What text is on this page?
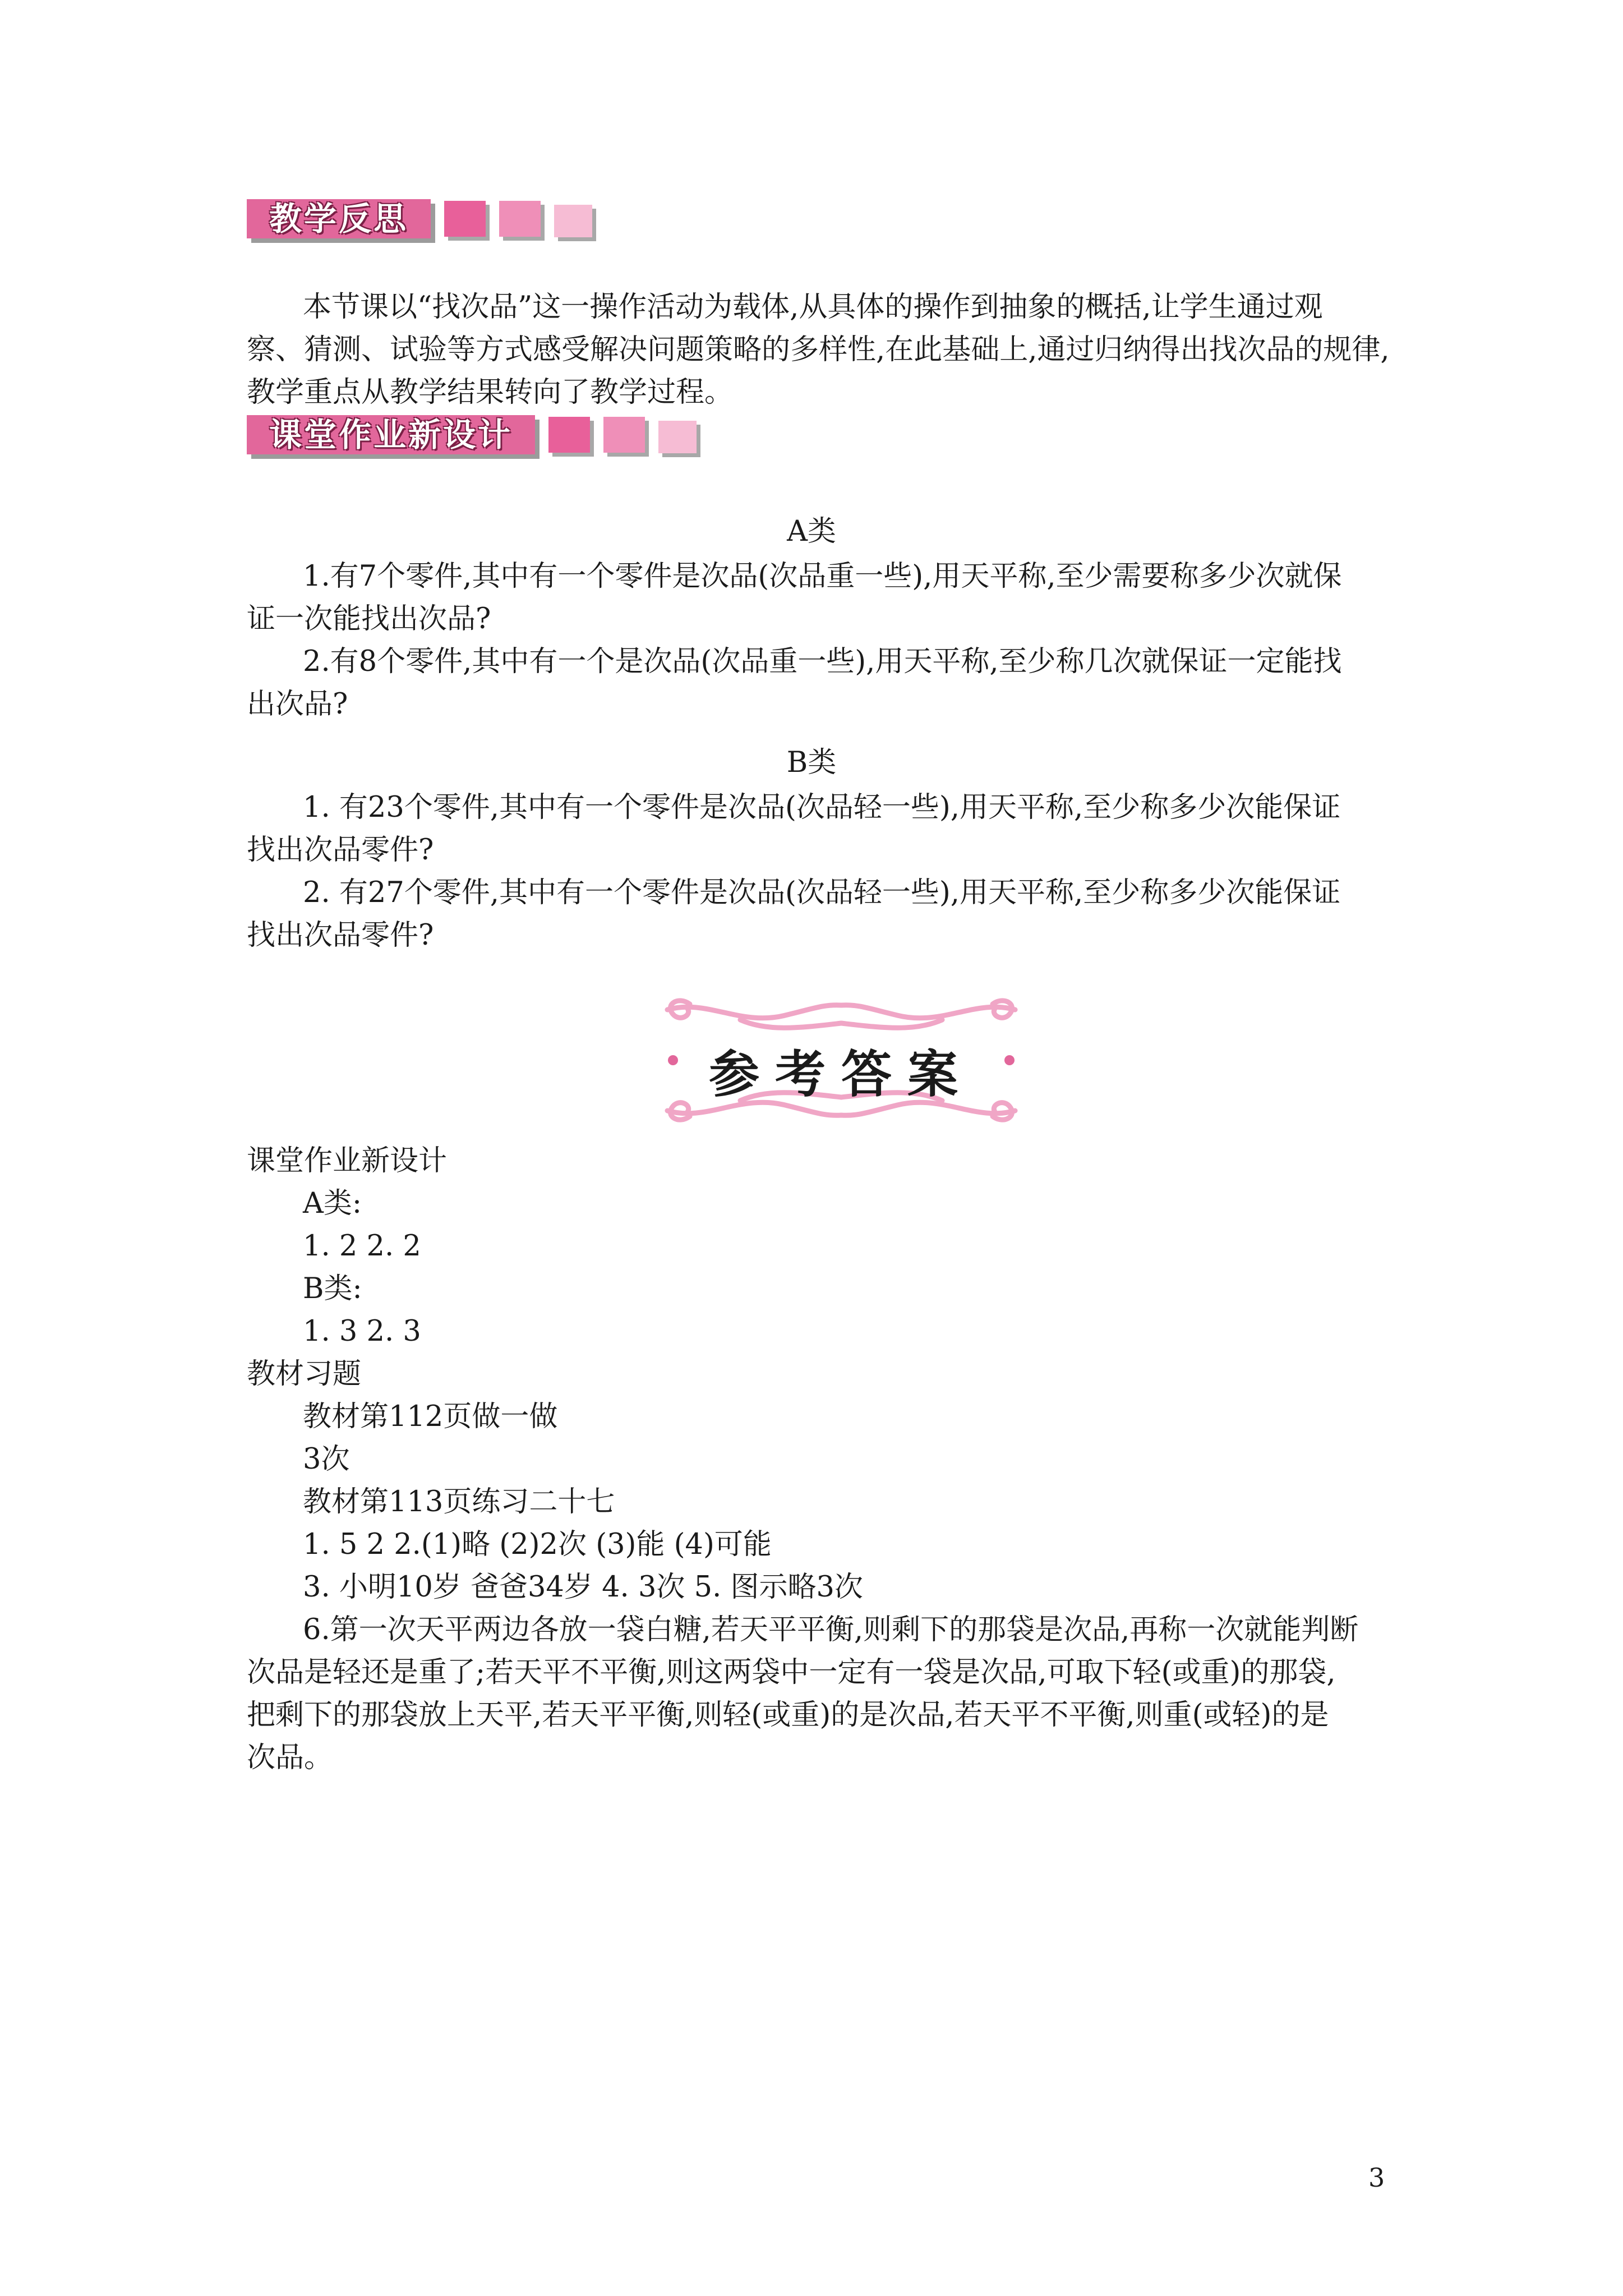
教学反思
本节课以“找次品”这一操作活动为载体,从具体的操作到抽象的概括,让学生通过观
察、猜测、试验等方式感受解决问题策略的多样性,在此基础上,通过归纳得出找次品的规律,
教学重点从教学结果转向了教学过程。
课堂作业新设计
A类
1.有7个零件,其中有一个零件是次品(次品重一些),用天平称,至少需要称多少次就保
证一次能找出次品?
2.有8个零件,其中有一个是次品(次品重一些),用天平称,至少称几次就保证一定能找
出次品?
B类
1. 有23个零件,其中有一个零件是次品(次品轻一些),用天平称,至少称多少次能保证
找出次品零件?
2. 有27个零件,其中有一个零件是次品(次品轻一些),用天平称,至少称多少次能保证
找出次品零件?
参考答案
课堂作业新设计
A类:
1. 2 2. 2
B类:
1. 3 2. 3
教材习题
教材第112页做一做
3次
教材第113页练习二十七
1. 5 2 2.(1)略 (2)2次 (3)能 (4)可能
3. 小明10岁 爸爸34岁 4. 3次 5. 图示略3次
6.第一次天平两边各放一袋白糖,若天平平衡,则剩下的那袋是次品,再称一次就能判断
次品是轻还是重了;若天平不平衡,则这两袋中一定有一袋是次品,可取下轻(或重)的那袋,
把剩下的那袋放上天平,若天平平衡,则轻(或重)的是次品,若天平不平衡,则重(或轻)的是
次品。
3
